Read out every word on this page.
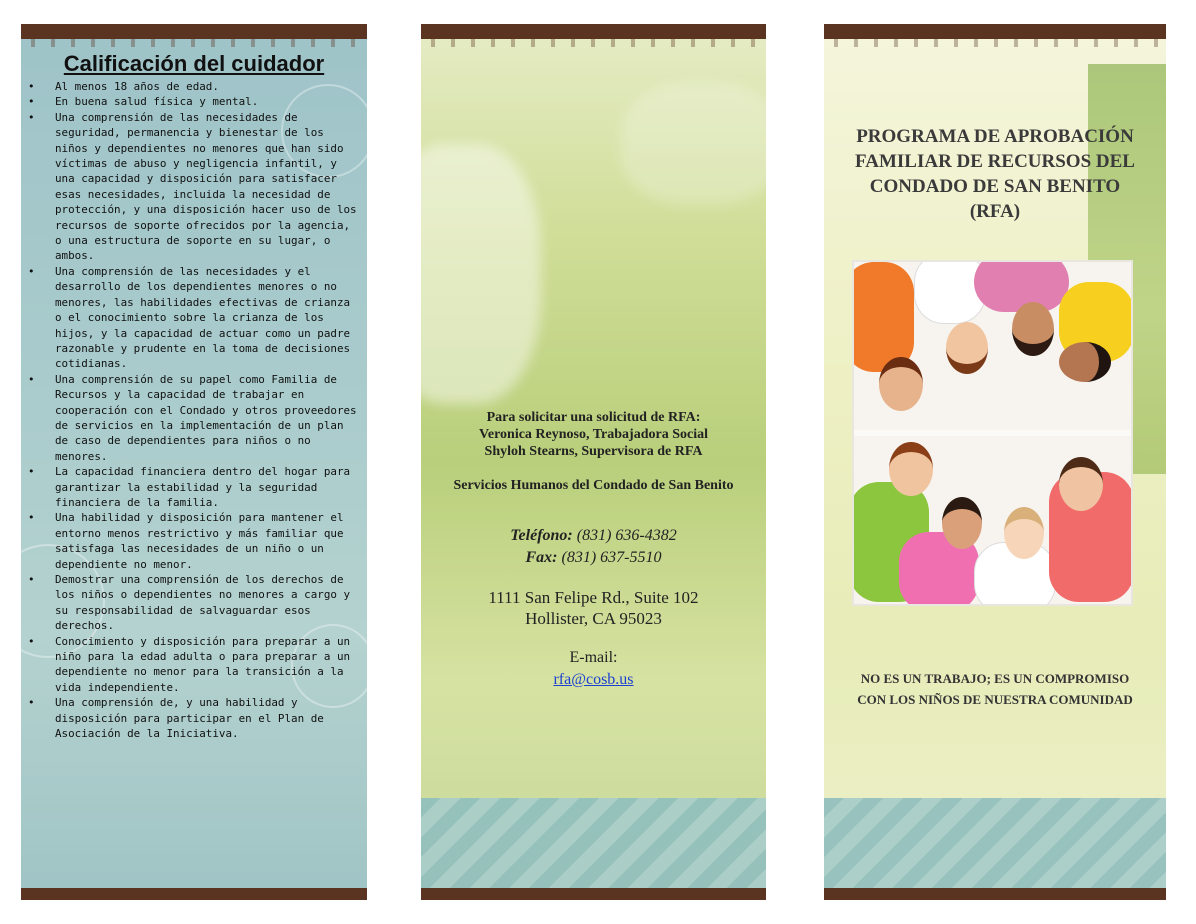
Calificación del cuidador
• Al menos 18 años de edad.
• En buena salud física y mental.
• Una comprensión de las necesidades de seguridad, permanencia y bienestar de los niños y dependientes no menores que han sido víctimas de abuso y negligencia infantil, y una capacidad y disposición para satisfacer esas necesidades, incluida la necesidad de protección, y una disposición hacer uso de los recursos de soporte ofrecidos por la agencia, o una estructura de soporte en su lugar, o ambos.
• Una comprensión de las necesidades y el desarrollo de los dependientes menores o no menores, las habilidades efectivas de crianza o el conocimiento sobre la crianza de los hijos, y la capacidad de actuar como un padre razonable y prudente en la toma de decisiones cotidianas.
• Una comprensión de su papel como Familia de Recursos y la capacidad de trabajar en cooperación con el Condado y otros proveedores de servicios en la implementación de un plan de caso de dependientes para niños o no menores.
• La capacidad financiera dentro del hogar para garantizar la estabilidad y la seguridad financiera de la familia.
• Una habilidad y disposición para mantener el entorno menos restrictivo y más familiar que satisfaga las necesidades de un niño o un dependiente no menor.
• Demostrar una comprensión de los derechos de los niños o dependientes no menores a cargo y su responsabilidad de salvaguardar esos derechos.
• Conocimiento y disposición para preparar a un niño para la edad adulta o para preparar a un dependiente no menor para la transición a la vida independiente.
• Una comprensión de, y una habilidad y disposición para participar en el Plan de Asociación de la Iniciativa.
Para solicitar una solicitud de RFA:
Veronica Reynoso, Trabajadora Social
Shyloh Stearns, Supervisora de RFA
Servicios Humanos del Condado de San Benito
Teléfono: (831) 636-4382
Fax: (831) 637-5510
1111 San Felipe Rd., Suite 102
Hollister, CA 95023
E-mail:
rfa@cosb.us
PROGRAMA DE APROBACIÓN
FAMILIAR DE RECURSOS DEL
CONDADO DE SAN BENITO
(RFA)

NO ES UN TRABAJO; ES UN COMPROMISO
CON LOS NIÑOS DE NUESTRA COMUNIDAD
